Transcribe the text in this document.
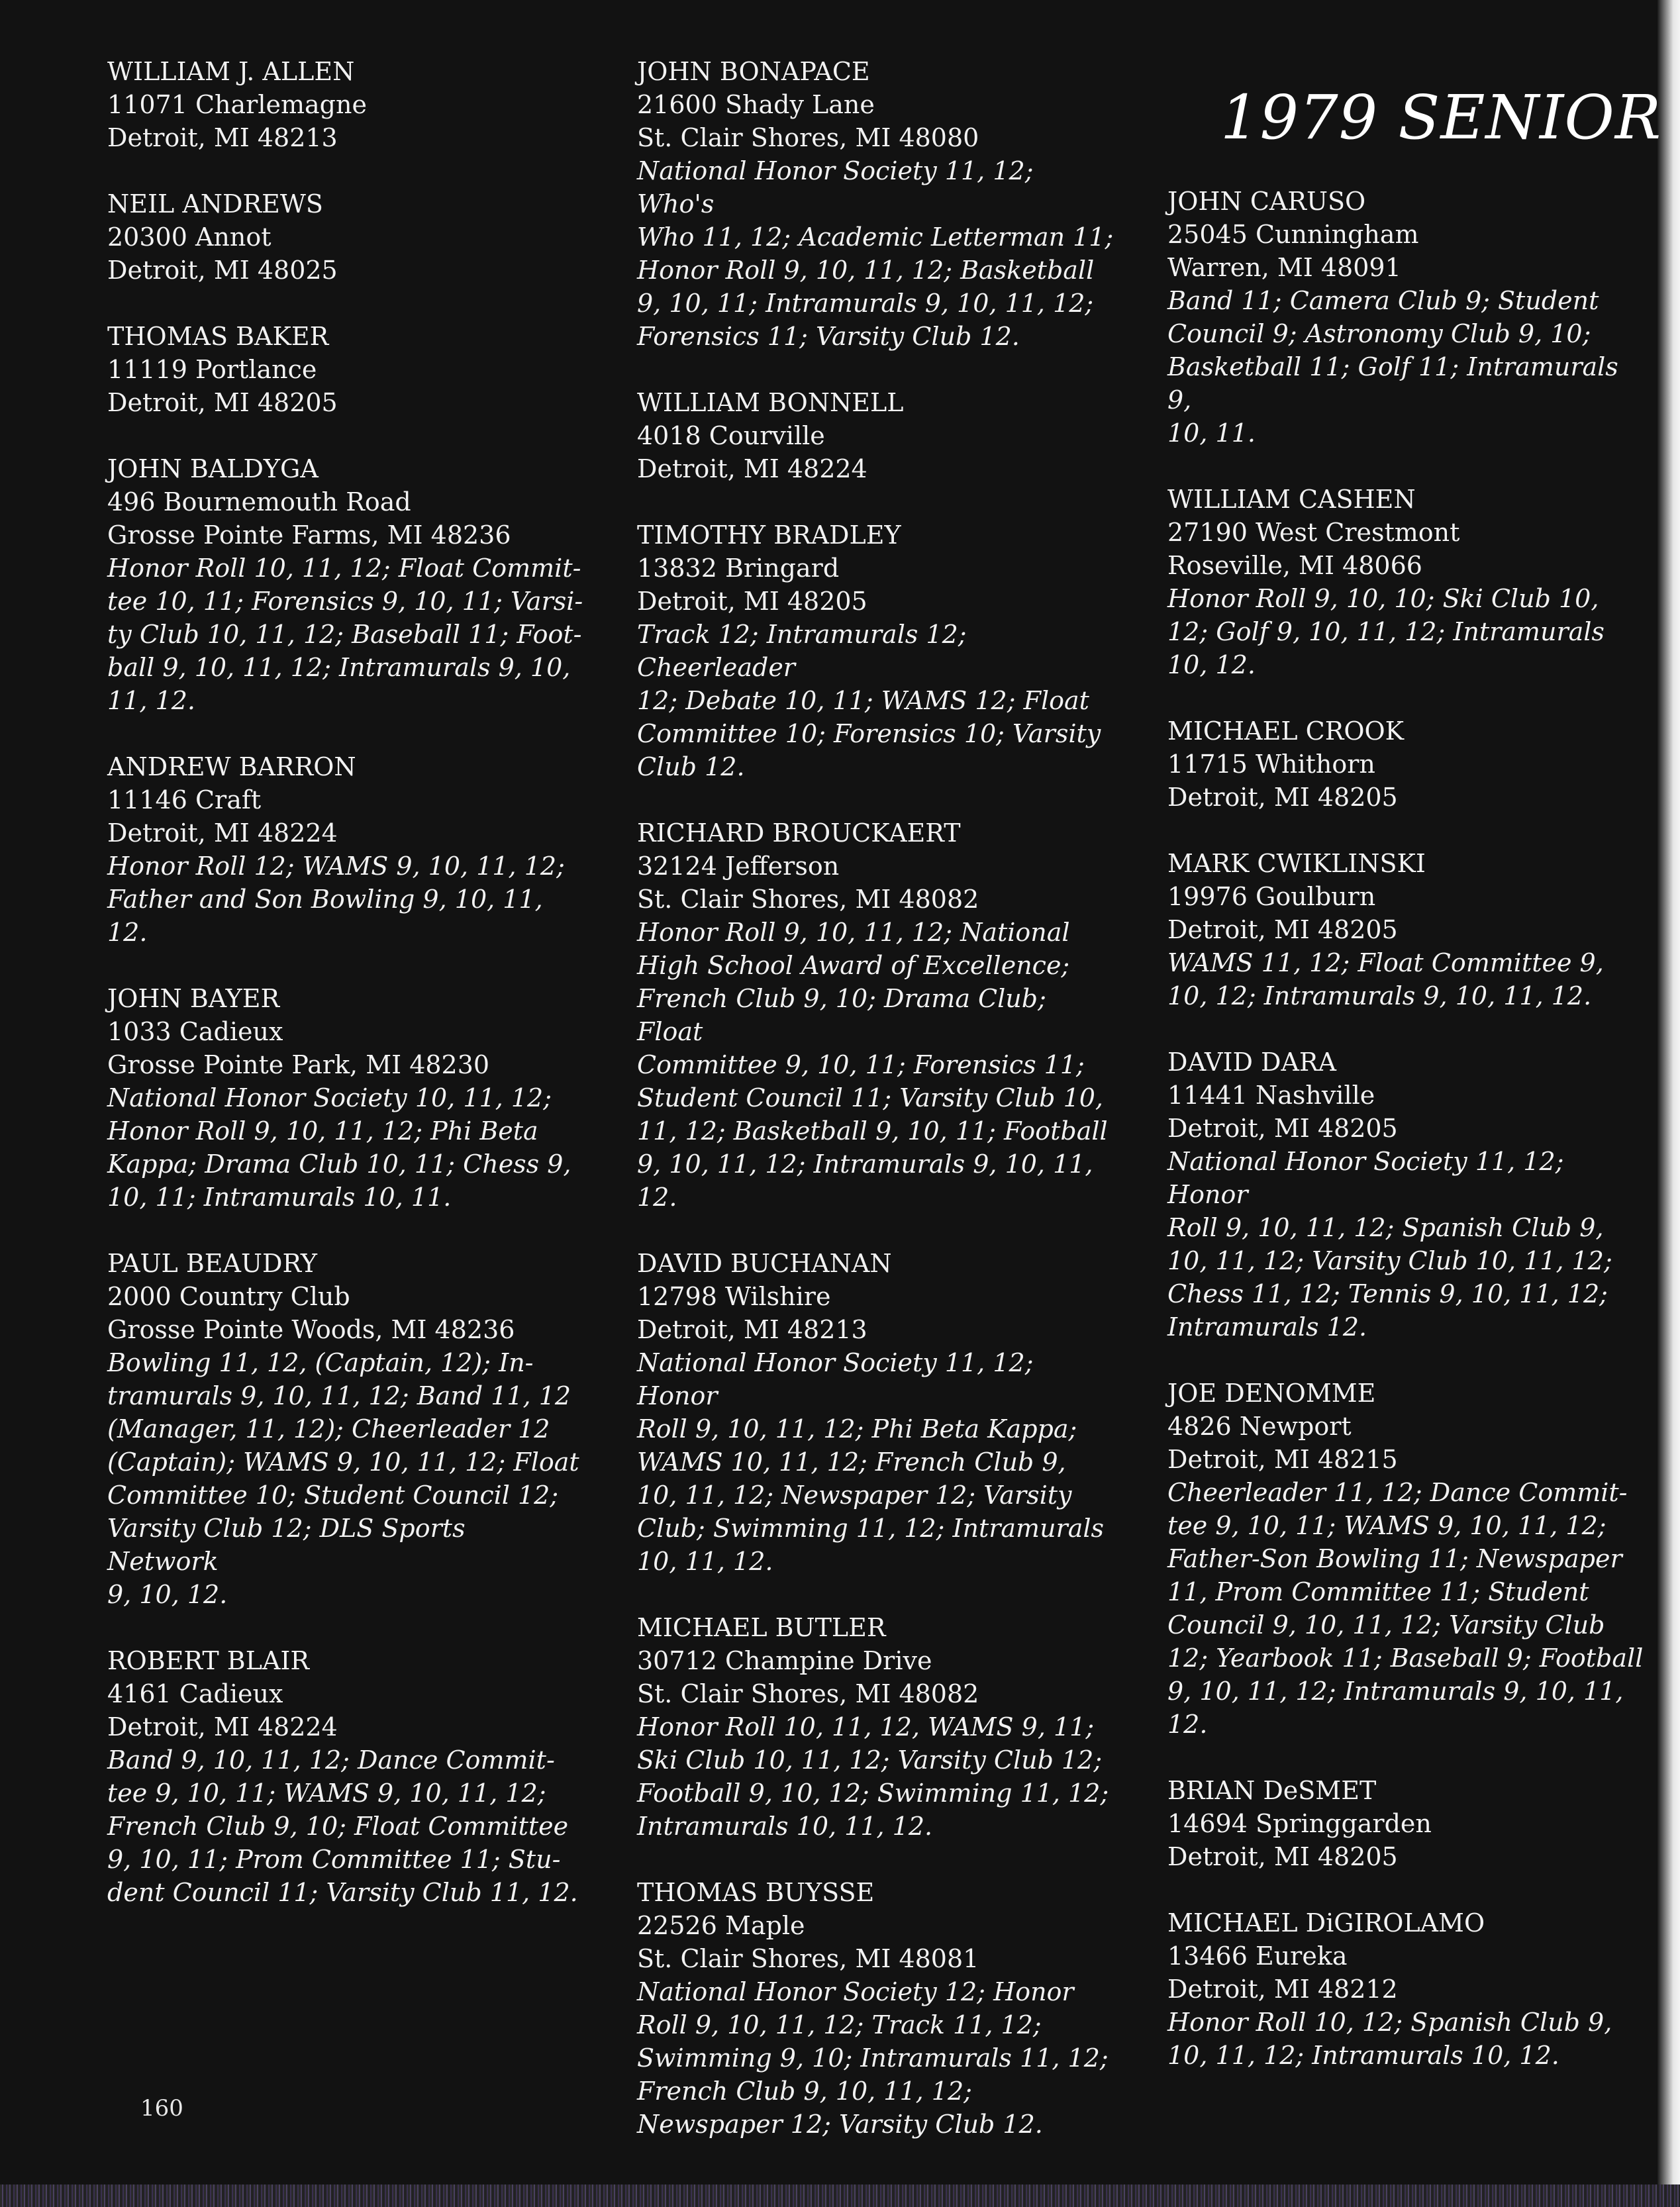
1979 SENIOR
WILLIAM J. ALLEN
11071 Charlemagne
Detroit, MI 48213
NEIL ANDREWS
20300 Annot
Detroit, MI 48025
THOMAS BAKER
11119 Portlance
Detroit, MI 48205
JOHN BALDYGA
496 Bournemouth Road
Grosse Pointe Farms, MI 48236
Honor Roll 10, 11, 12; Float Commit-
tee 10, 11; Forensics 9, 10, 11; Varsi-
ty Club 10, 11, 12; Baseball 11; Foot-
ball 9, 10, 11, 12; Intramurals 9, 10,
11, 12.
ANDREW BARRON
11146 Craft
Detroit, MI 48224
Honor Roll 12; WAMS 9, 10, 11, 12;
Father and Son Bowling 9, 10, 11,
12.
JOHN BAYER
1033 Cadieux
Grosse Pointe Park, MI 48230
National Honor Society 10, 11, 12;
Honor Roll 9, 10, 11, 12; Phi Beta
Kappa; Drama Club 10, 11; Chess 9,
10, 11; Intramurals 10, 11.
PAUL BEAUDRY
2000 Country Club
Grosse Pointe Woods, MI 48236
Bowling 11, 12, (Captain, 12); In-
tramurals 9, 10, 11, 12; Band 11, 12
(Manager, 11, 12); Cheerleader 12
(Captain); WAMS 9, 10, 11, 12; Float
Committee 10; Student Council 12;
Varsity Club 12; DLS Sports Network
9, 10, 12.
ROBERT BLAIR
4161 Cadieux
Detroit, MI 48224
Band 9, 10, 11, 12; Dance Commit-
tee 9, 10, 11; WAMS 9, 10, 11, 12;
French Club 9, 10; Float Committee
9, 10, 11; Prom Committee 11; Stu-
dent Council 11; Varsity Club 11, 12.
JOHN BONAPACE
21600 Shady Lane
St. Clair Shores, MI 48080
National Honor Society 11, 12; Who's
Who 11, 12; Academic Letterman 11;
Honor Roll 9, 10, 11, 12; Basketball
9, 10, 11; Intramurals 9, 10, 11, 12;
Forensics 11; Varsity Club 12.
WILLIAM BONNELL
4018 Courville
Detroit, MI 48224
TIMOTHY BRADLEY
13832 Bringard
Detroit, MI 48205
Track 12; Intramurals 12; Cheerleader
12; Debate 10, 11; WAMS 12; Float
Committee 10; Forensics 10; Varsity
Club 12.
RICHARD BROUCKAERT
32124 Jefferson
St. Clair Shores, MI 48082
Honor Roll 9, 10, 11, 12; National
High School Award of Excellence;
French Club 9, 10; Drama Club; Float
Committee 9, 10, 11; Forensics 11;
Student Council 11; Varsity Club 10,
11, 12; Basketball 9, 10, 11; Football
9, 10, 11, 12; Intramurals 9, 10, 11,
12.
DAVID BUCHANAN
12798 Wilshire
Detroit, MI 48213
National Honor Society 11, 12; Honor
Roll 9, 10, 11, 12; Phi Beta Kappa;
WAMS 10, 11, 12; French Club 9,
10, 11, 12; Newspaper 12; Varsity
Club; Swimming 11, 12; Intramurals
10, 11, 12.
MICHAEL BUTLER
30712 Champine Drive
St. Clair Shores, MI 48082
Honor Roll 10, 11, 12, WAMS 9, 11;
Ski Club 10, 11, 12; Varsity Club 12;
Football 9, 10, 12; Swimming 11, 12;
Intramurals 10, 11, 12.
THOMAS BUYSSE
22526 Maple
St. Clair Shores, MI 48081
National Honor Society 12; Honor
Roll 9, 10, 11, 12; Track 11, 12;
Swimming 9, 10; Intramurals 11, 12;
French Club 9, 10, 11, 12;
Newspaper 12; Varsity Club 12.
JOHN CARUSO
25045 Cunningham
Warren, MI 48091
Band 11; Camera Club 9; Student
Council 9; Astronomy Club 9, 10;
Basketball 11; Golf 11; Intramurals 9,
10, 11.
WILLIAM CASHEN
27190 West Crestmont
Roseville, MI 48066
Honor Roll 9, 10, 10; Ski Club 10,
12; Golf 9, 10, 11, 12; Intramurals
10, 12.
MICHAEL CROOK
11715 Whithorn
Detroit, MI 48205
MARK CWIKLINSKI
19976 Goulburn
Detroit, MI 48205
WAMS 11, 12; Float Committee 9,
10, 12; Intramurals 9, 10, 11, 12.
DAVID DARA
11441 Nashville
Detroit, MI 48205
National Honor Society 11, 12; Honor
Roll 9, 10, 11, 12; Spanish Club 9,
10, 11, 12; Varsity Club 10, 11, 12;
Chess 11, 12; Tennis 9, 10, 11, 12;
Intramurals 12.
JOE DENOMME
4826 Newport
Detroit, MI 48215
Cheerleader 11, 12; Dance Commit-
tee 9, 10, 11; WAMS 9, 10, 11, 12;
Father-Son Bowling 11; Newspaper
11, Prom Committee 11; Student
Council 9, 10, 11, 12; Varsity Club
12; Yearbook 11; Baseball 9; Football
9, 10, 11, 12; Intramurals 9, 10, 11,
12.
BRIAN DeSMET
14694 Springgarden
Detroit, MI 48205
MICHAEL DiGIROLAMO
13466 Eureka
Detroit, MI 48212
Honor Roll 10, 12; Spanish Club 9,
10, 11, 12; Intramurals 10, 12.
160
